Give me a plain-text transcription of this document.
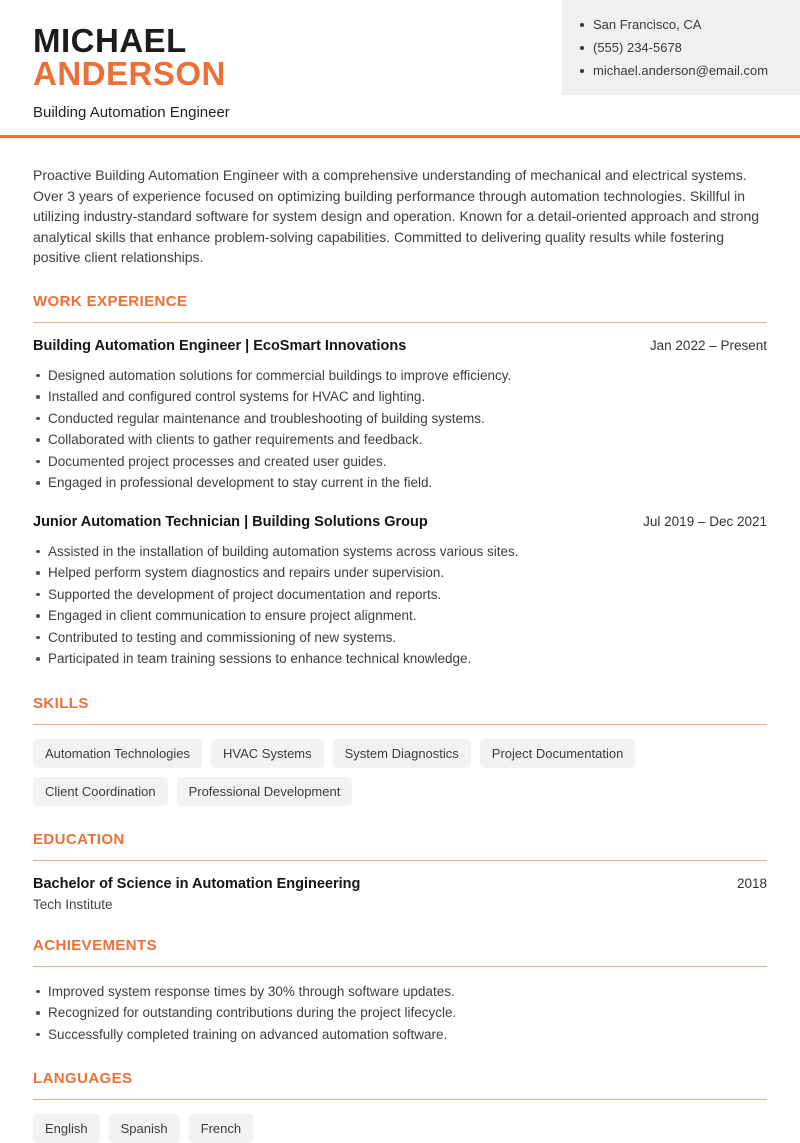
MICHAEL
ANDERSON
Building Automation Engineer
San Francisco, CA
(555) 234-5678
michael.anderson@email.com

Proactive Building Automation Engineer with a comprehensive understanding of mechanical and electrical systems. Over 3 years of experience focused on optimizing building performance through automation technologies. Skillful in utilizing industry-standard software for system design and operation. Known for a detail-oriented approach and strong analytical skills that enhance problem-solving capabilities. Committed to delivering quality results while fostering positive client relationships.

WORK EXPERIENCE
Building Automation Engineer | EcoSmart Innovations	Jan 2022 – Present
Designed automation solutions for commercial buildings to improve efficiency.
Installed and configured control systems for HVAC and lighting.
Conducted regular maintenance and troubleshooting of building systems.
Collaborated with clients to gather requirements and feedback.
Documented project processes and created user guides.
Engaged in professional development to stay current in the field.
Junior Automation Technician | Building Solutions Group	Jul 2019 – Dec 2021
Assisted in the installation of building automation systems across various sites.
Helped perform system diagnostics and repairs under supervision.
Supported the development of project documentation and reports.
Engaged in client communication to ensure project alignment.
Contributed to testing and commissioning of new systems.
Participated in team training sessions to enhance technical knowledge.
SKILLS
Automation Technologies	HVAC Systems	System Diagnostics	Project Documentation
Client Coordination	Professional Development
EDUCATION
Bachelor of Science in Automation Engineering	2018
Tech Institute
ACHIEVEMENTS
Improved system response times by 30% through software updates.
Recognized for outstanding contributions during the project lifecycle.
Successfully completed training on advanced automation software.
LANGUAGES
English	Spanish	French
